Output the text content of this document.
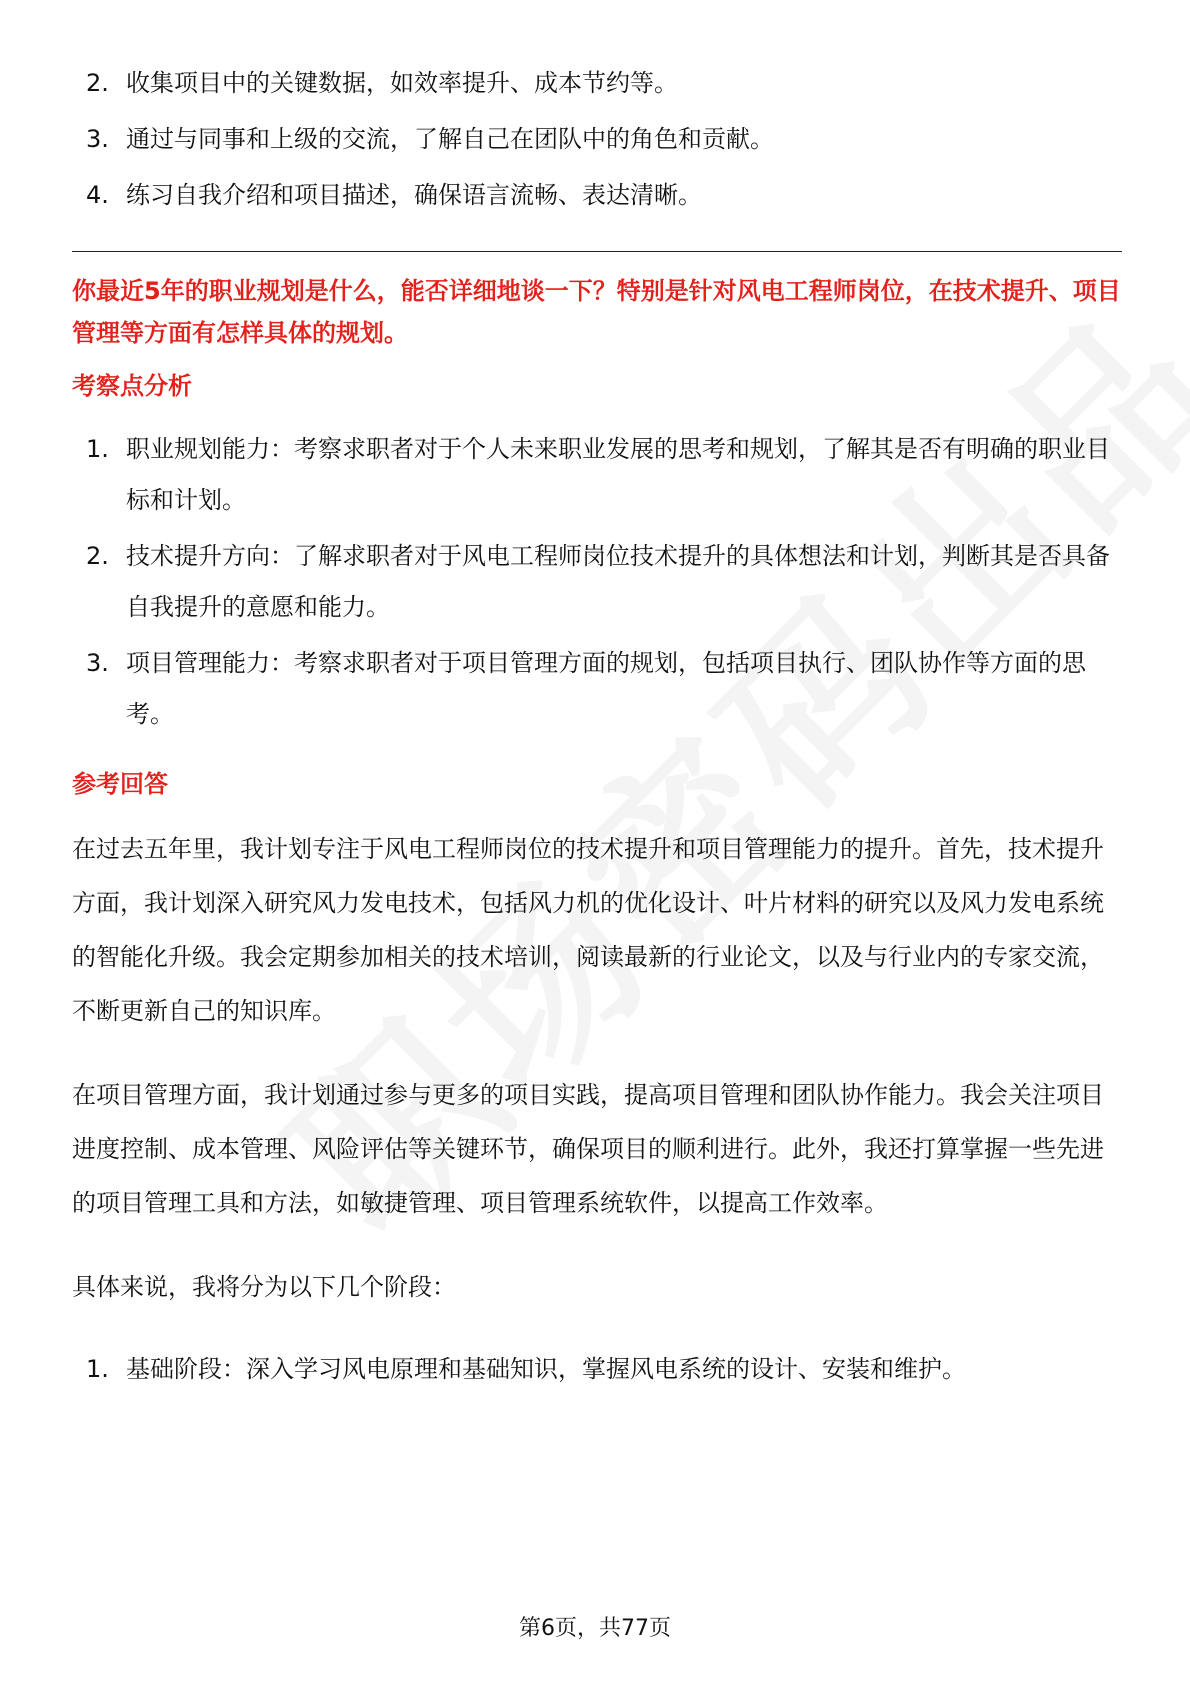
2. 收集项目中的关键数据，如效率提升、成本节约等。
3. 通过与同事和上级的交流，了解自己在团队中的角色和贡献。
4. 练习自我介绍和项目描述，确保语言流畅、表达清晰。
你最近5年的职业规划是什么，能否详细地谈一下？特别是针对风电工程师岗位，在技术提升、项目管理等方面有怎样具体的规划。
考察点分析
1. 职业规划能力：考察求职者对于个人未来职业发展的思考和规划，了解其是否有明确的职业目标和计划。
2. 技术提升方向：了解求职者对于风电工程师岗位技术提升的具体想法和计划，判断其是否具备自我提升的意愿和能力。
3. 项目管理能力：考察求职者对于项目管理方面的规划，包括项目执行、团队协作等方面的思考。
参考回答

在过去五年里，我计划专注于风电工程师岗位的技术提升和项目管理能力的提升。首先，技术提升方面，我计划深入研究风力发电技术，包括风力机的优化设计、叶片材料的研究以及风力发电系统的智能化升级。我会定期参加相关的技术培训，阅读最新的行业论文，以及与行业内的专家交流，不断更新自己的知识库。

在项目管理方面，我计划通过参与更多的项目实践，提高项目管理和团队协作能力。我会关注项目进度控制、成本管理、风险评估等关键环节，确保项目的顺利进行。此外，我还打算掌握一些先进的项目管理工具和方法，如敏捷管理、项目管理系统软件，以提高工作效率。

具体来说，我将分为以下几个阶段：

1. 基础阶段：深入学习风电原理和基础知识，掌握风电系统的设计、安装和维护。
第6页，共77页
